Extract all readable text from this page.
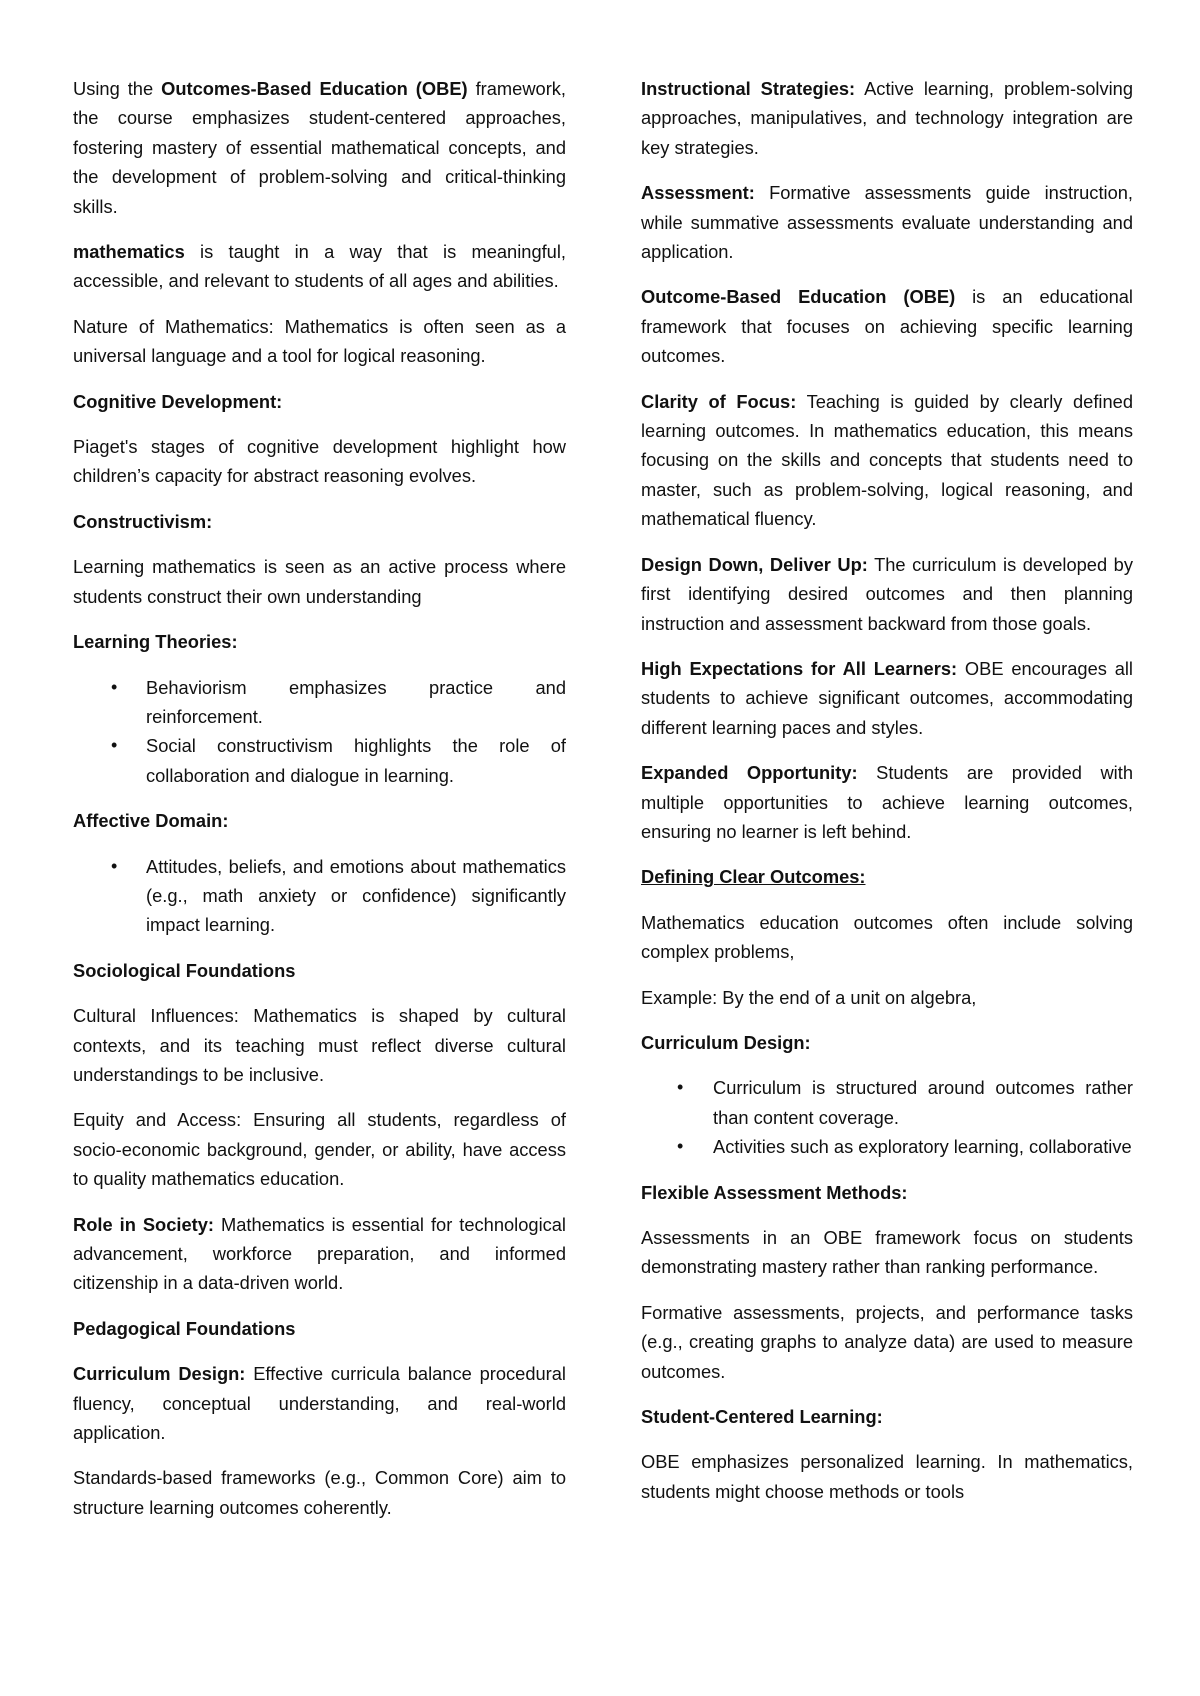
Using the Outcomes-Based Education (OBE) framework, the course emphasizes student-centered approaches, fostering mastery of essential mathematical concepts, and the development of problem-solving and critical-thinking skills.

mathematics is taught in a way that is meaningful, accessible, and relevant to students of all ages and abilities.

Nature of Mathematics: Mathematics is often seen as a universal language and a tool for logical reasoning.

Cognitive Development:

Piaget's stages of cognitive development highlight how children’s capacity for abstract reasoning evolves.

Constructivism:

Learning mathematics is seen as an active process where students construct their own understanding

Learning Theories:

• Behaviorism emphasizes practice and reinforcement.
• Social constructivism highlights the role of collaboration and dialogue in learning.

Affective Domain:

• Attitudes, beliefs, and emotions about mathematics (e.g., math anxiety or confidence) significantly impact learning.

Sociological Foundations

Cultural Influences: Mathematics is shaped by cultural contexts, and its teaching must reflect diverse cultural understandings to be inclusive.

Equity and Access: Ensuring all students, regardless of socio-economic background, gender, or ability, have access to quality mathematics education.

Role in Society: Mathematics is essential for technological advancement, workforce preparation, and informed citizenship in a data-driven world.

Pedagogical Foundations

Curriculum Design: Effective curricula balance procedural fluency, conceptual understanding, and real-world application.

Standards-based frameworks (e.g., Common Core) aim to structure learning outcomes coherently.

Instructional Strategies: Active learning, problem-solving approaches, manipulatives, and technology integration are key strategies.

Assessment: Formative assessments guide instruction, while summative assessments evaluate understanding and application.

Outcome-Based Education (OBE) is an educational framework that focuses on achieving specific learning outcomes.

Clarity of Focus: Teaching is guided by clearly defined learning outcomes. In mathematics education, this means focusing on the skills and concepts that students need to master, such as problem-solving, logical reasoning, and mathematical fluency.

Design Down, Deliver Up: The curriculum is developed by first identifying desired outcomes and then planning instruction and assessment backward from those goals.

High Expectations for All Learners: OBE encourages all students to achieve significant outcomes, accommodating different learning paces and styles.

Expanded Opportunity: Students are provided with multiple opportunities to achieve learning outcomes, ensuring no learner is left behind.

Defining Clear Outcomes:

Mathematics education outcomes often include solving complex problems,

Example: By the end of a unit on algebra,

Curriculum Design:

• Curriculum is structured around outcomes rather than content coverage.
• Activities such as exploratory learning, collaborative

Flexible Assessment Methods:

Assessments in an OBE framework focus on students demonstrating mastery rather than ranking performance.

Formative assessments, projects, and performance tasks (e.g., creating graphs to analyze data) are used to measure outcomes.

Student-Centered Learning:

OBE emphasizes personalized learning. In mathematics, students might choose methods or tools
